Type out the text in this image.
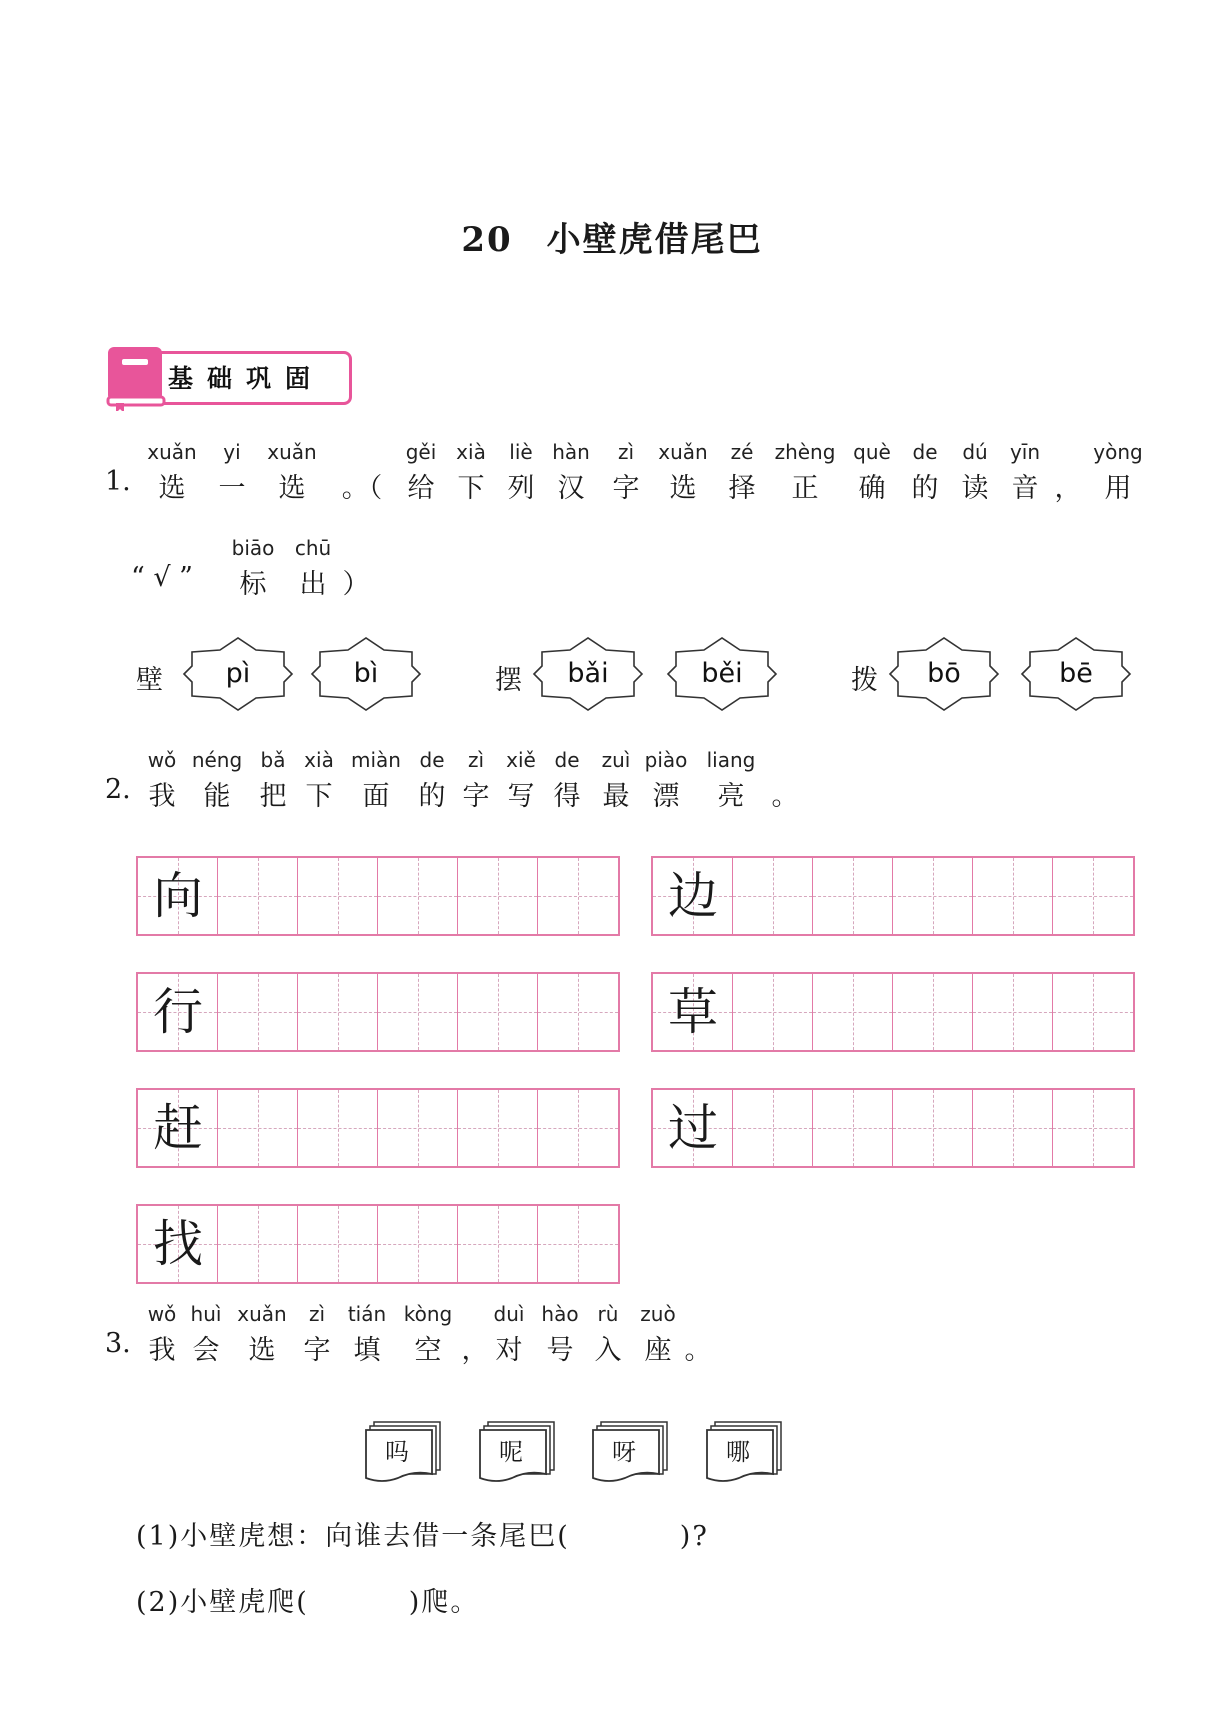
20 小壁虎借尾巴
基础巩固
1.
xuǎn
选
yi
一
xuǎn
选 。（
gěi
给
xià
下
liè
列
hàn
汉
zì
字
xuǎn
选
zé
择
zhèng
正
què
确
de
的
dú
读
yīn
音 ，
yòng
用
“ √ ”
biāo
标
chū
出 ）
壁	pì	bì	摆	bǎi	běi	拨	bō	bē
2.
wǒ
我
néng
能
bǎ
把
xià
下
miàn
面
de
的
zì
字
xiě
写
de
得
zuì
最
piào
漂
liang
亮 。
向	边
行	草
赶	过
找
3.
wǒ
我
huì
会
xuǎn
选
zì
字
tián
填
kòng
空 ，
duì
对
hào
号
rù
入
zuò
座 。
吗	呢	呀	哪
(1)小壁虎想：向谁去借一条尾巴(	)?
(2)小壁虎爬(	)爬。
